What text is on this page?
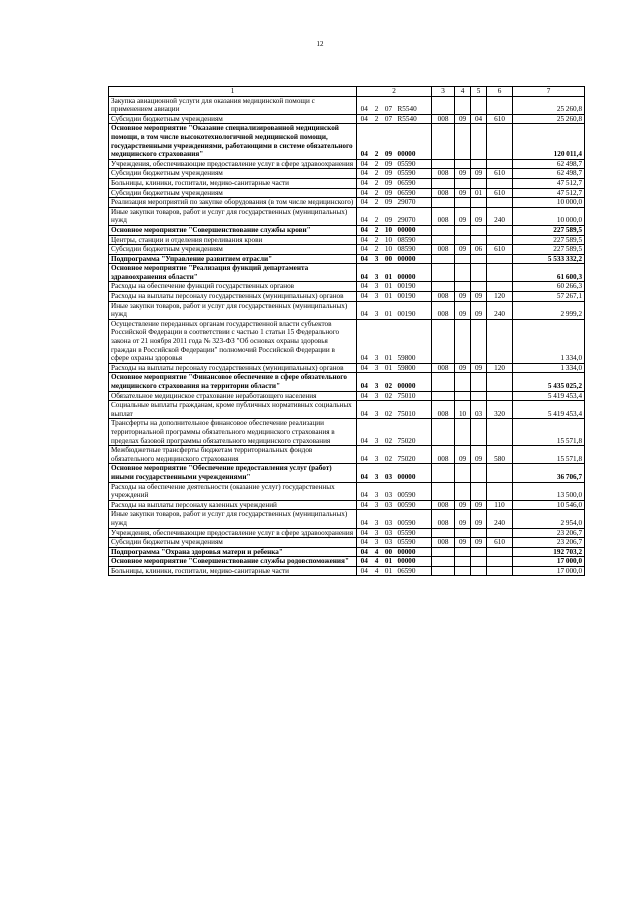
12
1	2				3	4	5	6	7
Закупка авиационной услуги для оказания медицинской помощи с применением авиации	04	2	07	R5540					25 260,8
Субсидии бюджетным учреждениям	04	2	07	R5540	008	09	04	610	25 260,8
Основное мероприятие "Оказание специализированной медицинской помощи, в том числе высокотехнологичной медицинской помощи, государственными учреждениями, работающими в системе обязательного медицинского страхования"	04	2	09	00000					120 011,4
Учреждения, обеспечивающие предоставление услуг в сфере здравоохранения	04	2	09	05590					62 498,7
Субсидии бюджетным учреждениям	04	2	09	05590	008	09	09	610	62 498,7
Больницы, клиники, госпитали, медико-санитарные части	04	2	09	06590					47 512,7
Субсидии бюджетным учреждениям	04	2	09	06590	008	09	01	610	47 512,7
Реализация мероприятий по закупке оборудования (в том числе медицинского)	04	2	09	29070					10 000,0
Иные закупки товаров, работ и услуг для государственных (муниципальных) нужд	04	2	09	29070	008	09	09	240	10 000,0
Основное мероприятие "Совершенствование службы крови"	04	2	10	00000					227 589,5
Центры, станции и отделения переливания крови	04	2	10	08590					227 589,5
Субсидии бюджетным учреждениям	04	2	10	08590	008	09	06	610	227 589,5
Подпрограмма "Управление развитием отрасли"	04	3	00	00000					5 533 332,2
Основное мероприятие "Реализация функций департамента здравоохранения области"	04	3	01	00000					61 600,3
Расходы на обеспечение функций государственных органов	04	3	01	00190					60 266,3
Расходы на выплаты персоналу государственных (муниципальных) органов	04	3	01	00190	008	09	09	120	57 267,1
Иные закупки товаров, работ и услуг для государственных (муниципальных) нужд	04	3	01	00190	008	09	09	240	2 999,2
Осуществление переданных органам государственной власти субъектов Российской Федерации в соответствии с частью 1 статьи 15 Федерального закона от 21 ноября 2011 года № 323-ФЗ "Об основах охраны здоровья граждан в Российской Федерации" полномочий Российской Федерации в сфере охраны здоровья	04	3	01	59800					1 334,0
Расходы на выплаты персоналу государственных (муниципальных) органов	04	3	01	59800	008	09	09	120	1 334,0
Основное мероприятие "Финансовое обеспечение в сфере обязательного медицинского страхования на территории области"	04	3	02	00000					5 435 025,2
Обязательное медицинское страхование неработающего населения	04	3	02	75010					5 419 453,4
Социальные выплаты гражданам, кроме публичных нормативных социальных выплат	04	3	02	75010	008	10	03	320	5 419 453,4
Трансферты на дополнительное финансовое обеспечение реализации территориальной программы обязательного медицинского страхования в пределах базовой программы обязательного медицинского страхования	04	3	02	75020					15 571,8
Межбюджетные трансферты бюджетам территориальных фондов обязательного медицинского страхования	04	3	02	75020	008	09	09	580	15 571,8
Основное мероприятие "Обеспечение предоставления услуг (работ) иными государственными учреждениями"	04	3	03	00000					36 706,7
Расходы на обеспечение деятельности (оказание услуг) государственных учреждений	04	3	03	00590					13 500,0
Расходы на выплаты персоналу казенных учреждений	04	3	03	00590	008	09	09	110	10 546,0
Иные закупки товаров, работ и услуг для государственных (муниципальных) нужд	04	3	03	00590	008	09	09	240	2 954,0
Учреждения, обеспечивающие предоставление услуг в сфере здравоохранения	04	3	03	05590					23 206,7
Субсидии бюджетным учреждениям	04	3	03	05590	008	09	09	610	23 206,7
Подпрограмма "Охрана здоровья матери и ребенка"	04	4	00	00000					192 703,2
Основное мероприятие "Совершенствование службы родовспоможения"	04	4	01	00000					17 000,0
Больницы, клиники, госпитали, медико-санитарные части	04	4	01	06590					17 000,0
